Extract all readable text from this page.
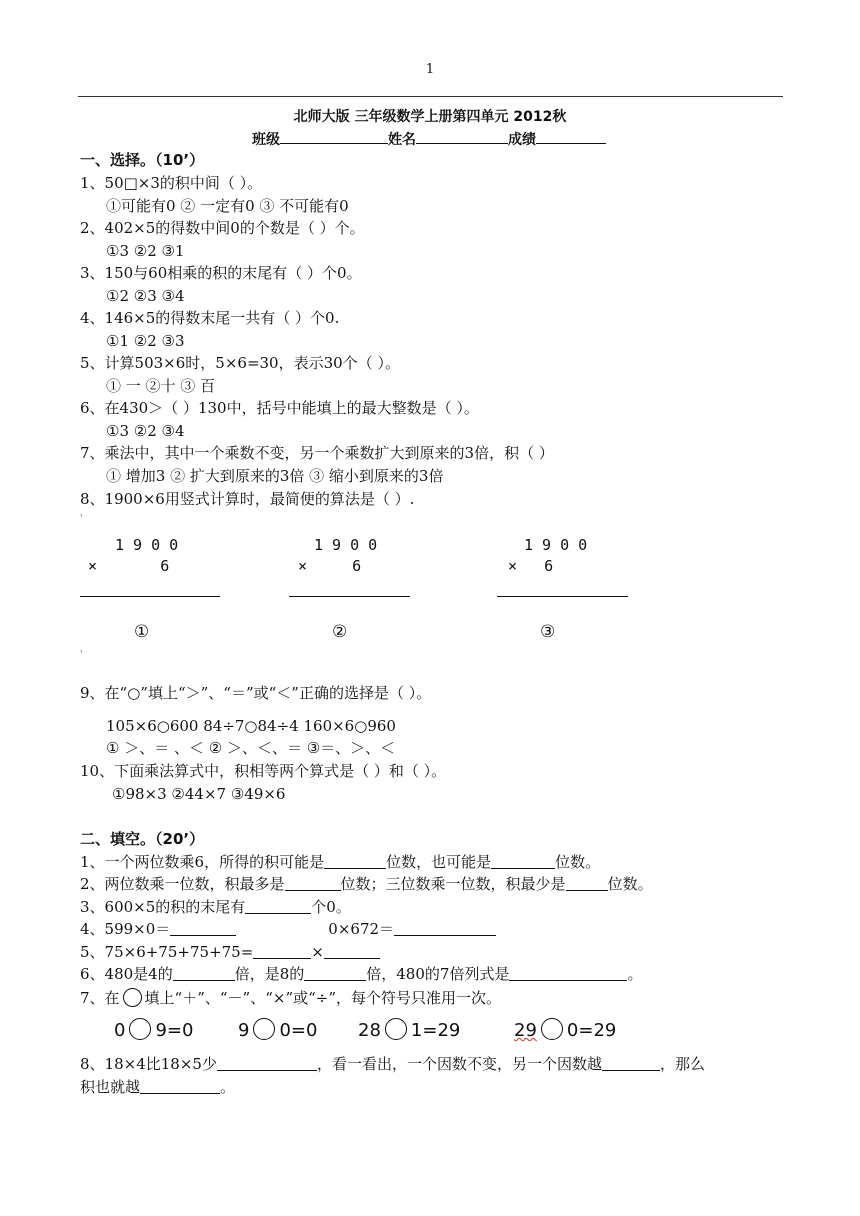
1
北师大版 三年级数学上册第四单元 2012秋
班级	姓名	成绩
一、选择。（10’）
1、50□×3的积中间（ ）。
①可能有0 ② 一定有0 ③ 不可能有0
2、402×5的得数中间0的个数是（ ）个。
①3 ②2 ③1
3、150与60相乘的积的末尾有（ ）个0。
①2 ②3 ③4
4、146×5的得数末尾一共有（ ）个0.
①1 ②2 ③3
5、计算503×6时，5×6=30，表示30个（ ）。
① 一 ②十 ③ 百
6、在430＞（ ）130中，括号中能填上的最大整数是（ ）。
①3 ②2 ③4
7、乘法中，其中一个乘数不变，另一个乘数扩大到原来的3倍，积（ ）
① 增加3 ② 扩大到原来的3倍 ③ 缩小到原来的3倍
8、1900×6用竖式计算时，最简便的算法是（ ）.
'
1 9 0 0
×       6
①
1 9 0 0
×     6
②
1 9 0 0
×   6
③
'
9、在“○”填上“＞”、“＝”或“＜”正确的选择是（ ）。
105×6○600 84÷7○84÷4 160×6○960
① ＞、＝ 、＜ ② ＞、＜、＝ ③＝、＞、＜
10、下面乘法算式中，积相等两个算式是（ ）和（ ）。
①98×3 ②44×7 ③49×6
二、填空。（20’）
1、一个两位数乘6，所得的积可能是	位数，也可能是	位数。
2、两位数乘一位数，积最多是	位数；三位数乘一位数，积最少是	位数。
3、600×5的积的末尾有	个0。
4、599×0＝	0×672＝
5、75×6+75+75+75=	×
6、480是4的	倍，是8的	倍，480的7倍列式是	。
7、在 填上“＋”、“－”、“×”或“÷”，每个符号只准用一次。
0 9=0 9 0=0 28 1=29	29 0=29
8、18×4比18×5少	，看一看出，一个因数不变，另一个因数越	，那么
积也就越	。
